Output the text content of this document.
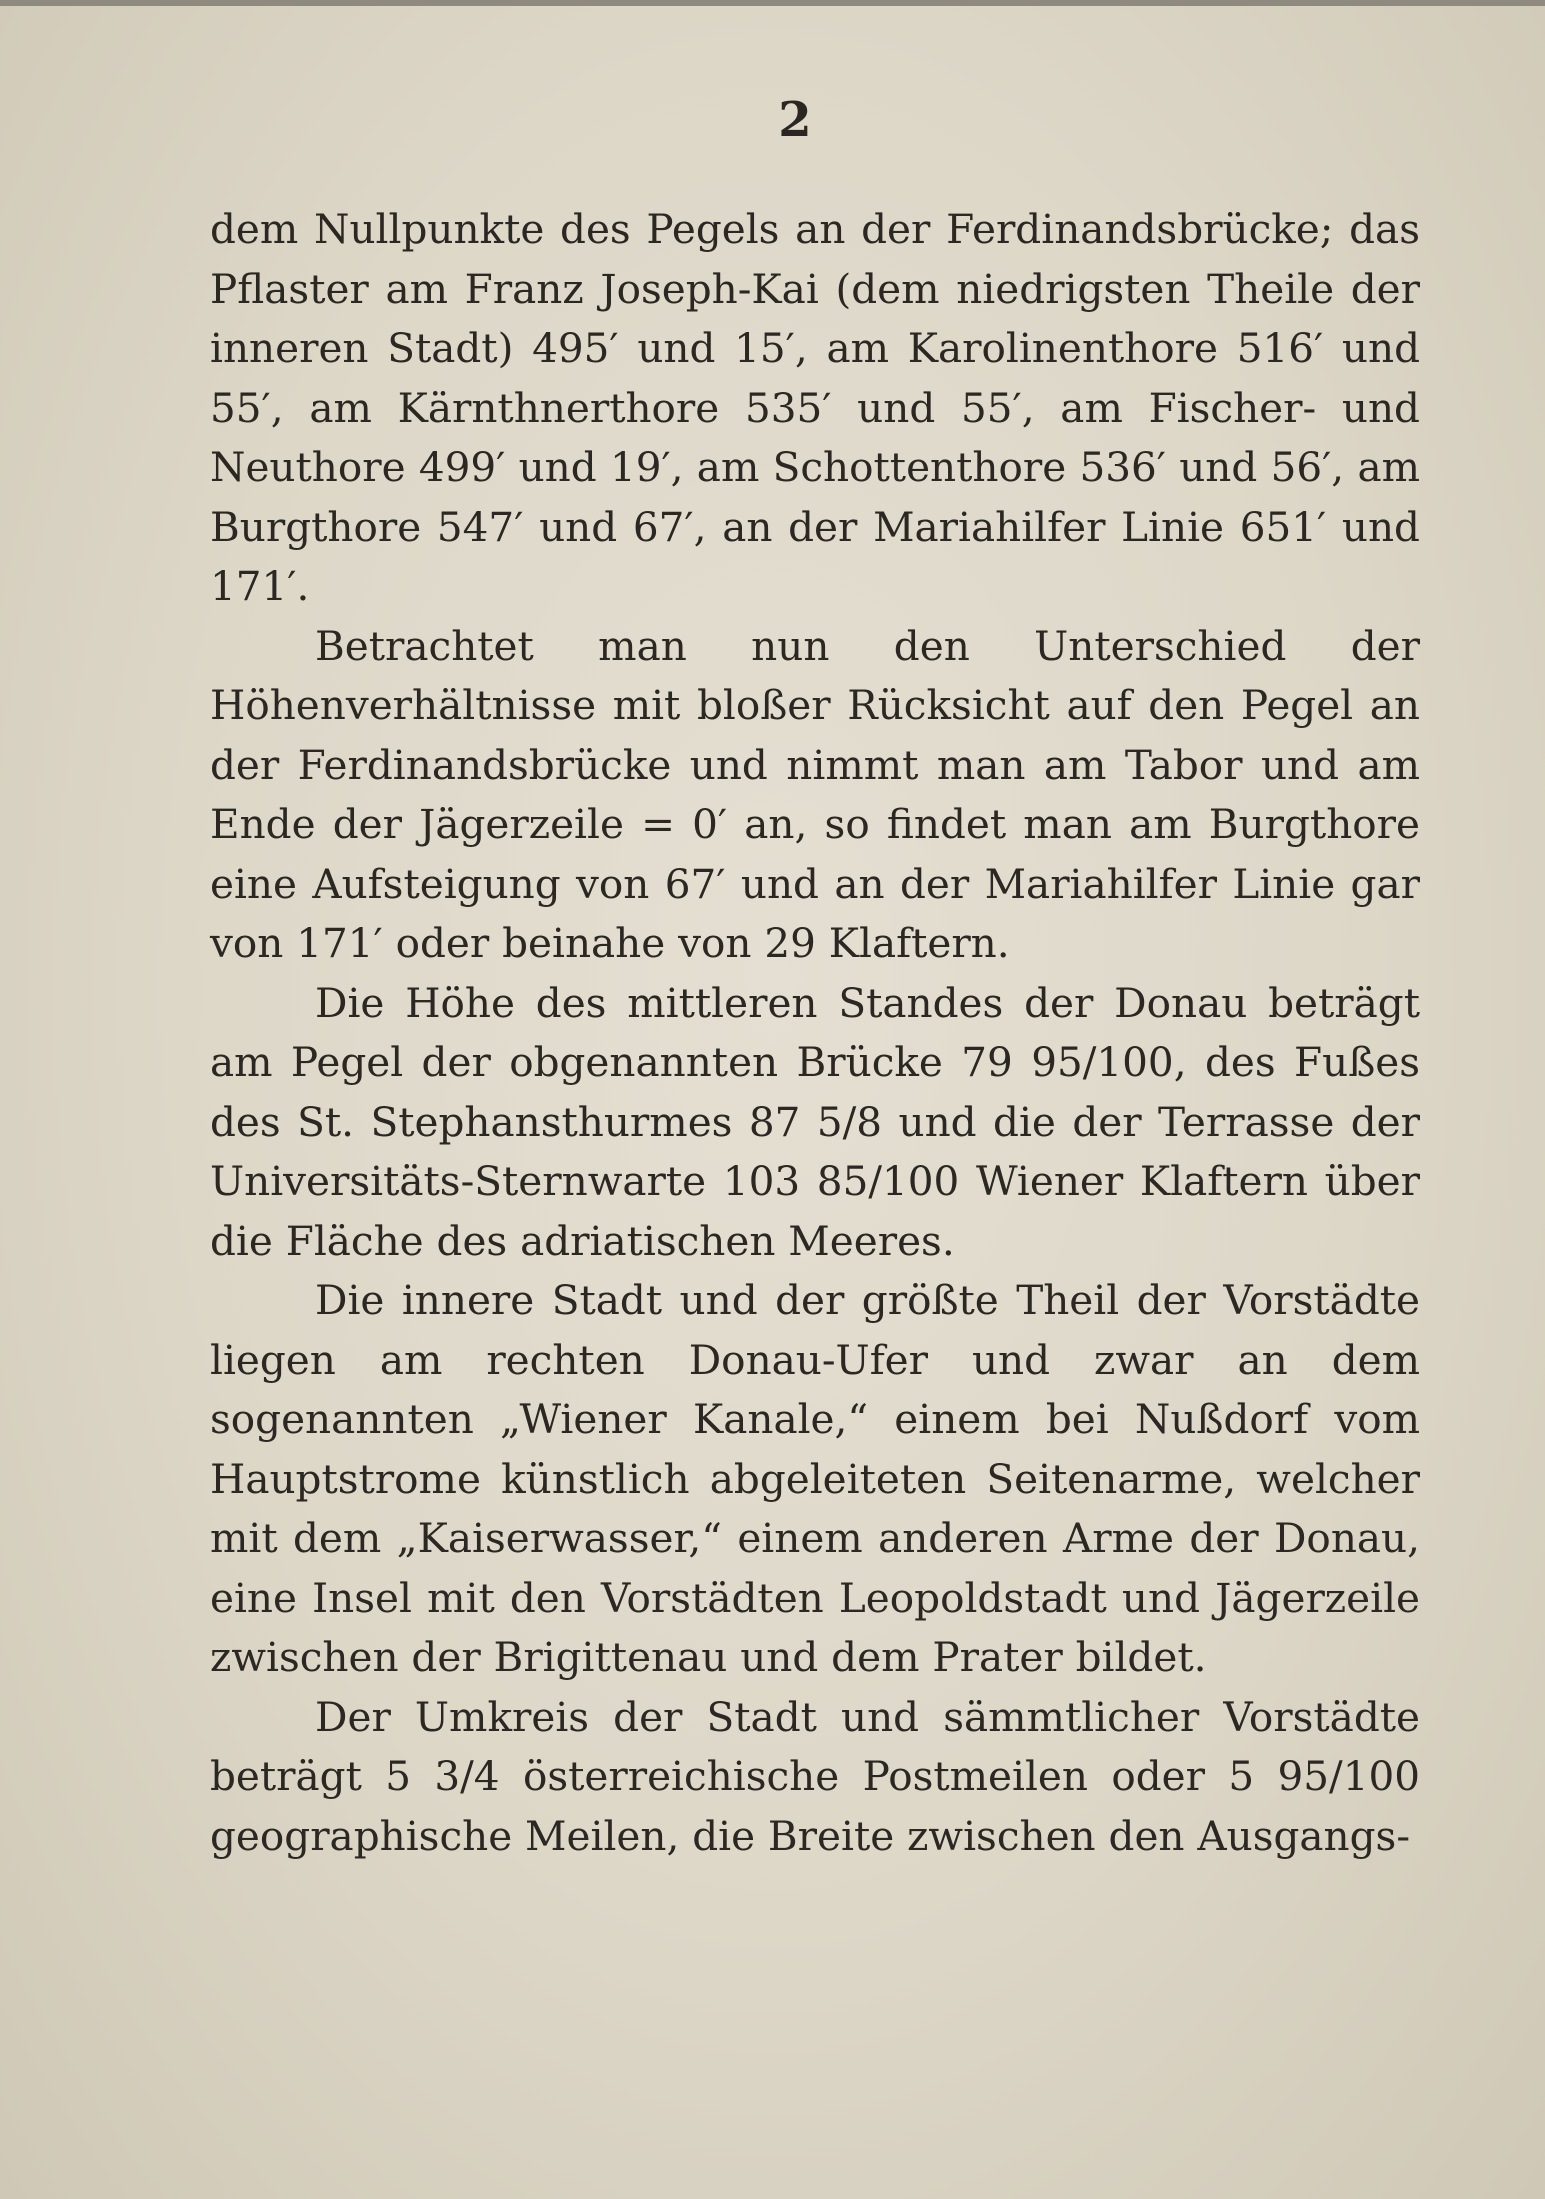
2

dem Nullpunkte des Pegels an der Ferdinandsbrücke; das Pflaster am Franz Joseph-Kai (dem niedrigsten Theile der inneren Stadt) 495′ und 15′, am Karolinenthore 516′ und 55′, am Kärnthnerthore 535′ und 55′, am Fischer- und Neuthore 499′ und 19′, am Schottenthore 536′ und 56′, am Burgthore 547′ und 67′, an der Mariahilfer Linie 651′ und 171′.

Betrachtet man nun den Unterschied der Höhenverhältnisse mit bloßer Rücksicht auf den Pegel an der Ferdinandsbrücke und nimmt man am Tabor und am Ende der Jägerzeile = 0′ an, so findet man am Burgthore eine Aufsteigung von 67′ und an der Mariahilfer Linie gar von 171′ oder beinahe von 29 Klaftern.

Die Höhe des mittleren Standes der Donau beträgt am Pegel der obgenannten Brücke 79 95/100, des Fußes des St. Stephansthurmes 87 5/8 und die der Terrasse der Universitäts-Sternwarte 103 85/100 Wiener Klaftern über die Fläche des adriatischen Meeres.

Die innere Stadt und der größte Theil der Vorstädte liegen am rechten Donau-Ufer und zwar an dem sogenannten „Wiener Kanale,“ einem bei Nußdorf vom Hauptstrome künstlich abgeleiteten Seitenarme, welcher mit dem „Kaiserwasser,“ einem anderen Arme der Donau, eine Insel mit den Vorstädten Leopoldstadt und Jägerzeile zwischen der Brigittenau und dem Prater bildet.

Der Umkreis der Stadt und sämmtlicher Vorstädte beträgt 5 3/4 österreichische Postmeilen oder 5 95/100 geographische Meilen, die Breite zwischen den Ausgangs-
